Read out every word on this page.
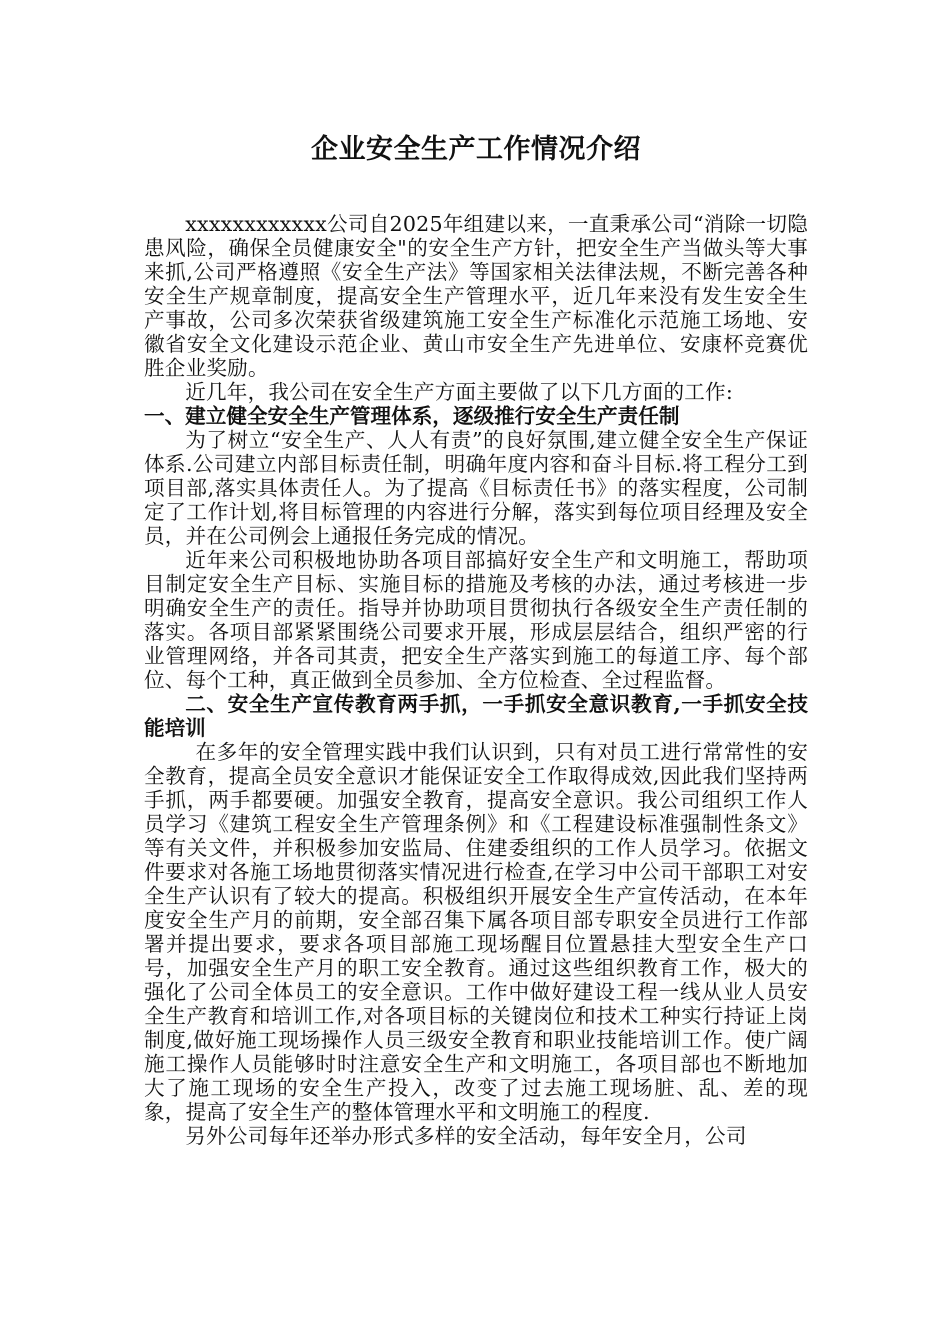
企业安全生产工作情况介绍

xxxxxxxxxxxx公司自2025年组建以来，一直秉承公司“消除一切隐患风险，确保全员健康安全"的安全生产方针，把安全生产当做头等大事来抓,公司严格遵照《安全生产法》等国家相关法律法规，不断完善各种安全生产规章制度，提高安全生产管理水平，近几年来没有发生安全生产事故，公司多次荣获省级建筑施工安全生产标准化示范施工场地、安徽省安全文化建设示范企业、黄山市安全生产先进单位、安康杯竞赛优胜企业奖励。

近几年，我公司在安全生产方面主要做了以下几方面的工作:

一、建立健全安全生产管理体系，逐级推行安全生产责任制

为了树立“安全生产、人人有责”的良好氛围,建立健全安全生产保证体系.公司建立内部目标责任制，明确年度内容和奋斗目标.将工程分工到项目部,落实具体责任人。为了提高《目标责任书》的落实程度，公司制定了工作计划,将目标管理的内容进行分解，落实到每位项目经理及安全员，并在公司例会上通报任务完成的情况。

近年来公司积极地协助各项目部搞好安全生产和文明施工，帮助项目制定安全生产目标、实施目标的措施及考核的办法，通过考核进一步明确安全生产的责任。指导并协助项目贯彻执行各级安全生产责任制的落实。各项目部紧紧围绕公司要求开展，形成层层结合，组织严密的行业管理网络，并各司其责，把安全生产落实到施工的每道工序、每个部位、每个工种，真正做到全员参加、全方位检查、全过程监督。

二、安全生产宣传教育两手抓，一手抓安全意识教育,一手抓安全技能培训

在多年的安全管理实践中我们认识到，只有对员工进行常常性的安全教育，提高全员安全意识才能保证安全工作取得成效,因此我们坚持两手抓，两手都要硬。加强安全教育，提高安全意识。我公司组织工作人员学习《建筑工程安全生产管理条例》和《工程建设标准强制性条文》等有关文件，并积极参加安监局、住建委组织的工作人员学习。依据文件要求对各施工场地贯彻落实情况进行检查,在学习中公司干部职工对安全生产认识有了较大的提高。积极组织开展安全生产宣传活动，在本年度安全生产月的前期，安全部召集下属各项目部专职安全员进行工作部署并提出要求，要求各项目部施工现场醒目位置悬挂大型安全生产口号，加强安全生产月的职工安全教育。通过这些组织教育工作，极大的强化了公司全体员工的安全意识。工作中做好建设工程一线从业人员安全生产教育和培训工作,对各项目标的关键岗位和技术工种实行持证上岗制度,做好施工现场操作人员三级安全教育和职业技能培训工作。使广阔施工操作人员能够时时注意安全生产和文明施工，各项目部也不断地加大了施工现场的安全生产投入，改变了过去施工现场脏、乱、差的现象，提高了安全生产的整体管理水平和文明施工的程度.

另外公司每年还举办形式多样的安全活动，每年安全月，公司
